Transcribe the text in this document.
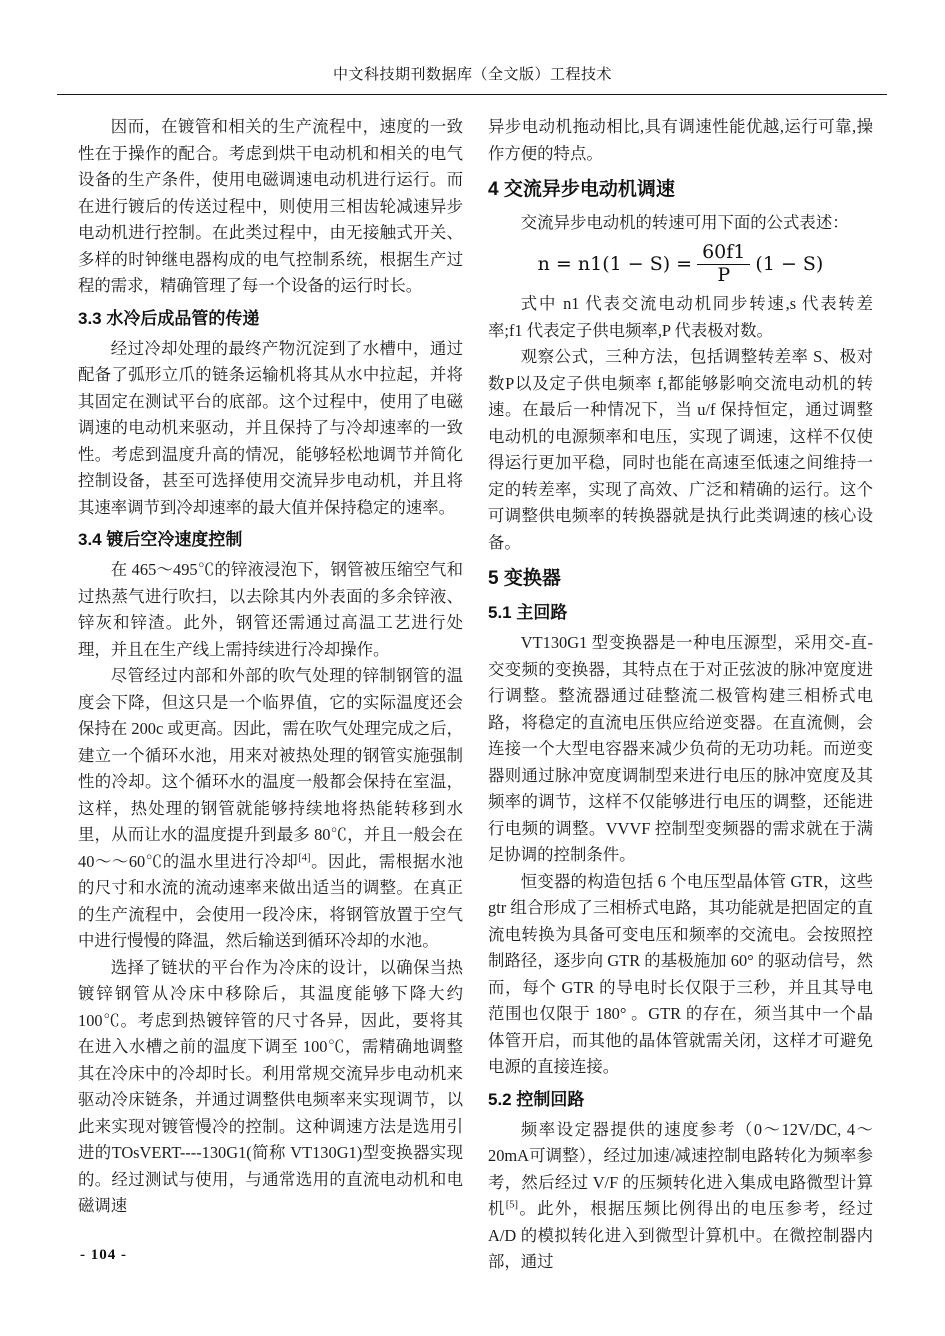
中文科技期刊数据库（全文版）工程技术

因而，在镀管和相关的生产流程中，速度的一致性在于操作的配合。考虑到烘干电动机和相关的电气设备的生产条件，使用电磁调速电动机进行运行。而在进行镀后的传送过程中，则使用三相齿轮减速异步电动机进行控制。在此类过程中，由无接触式开关、多样的时钟继电器构成的电气控制系统，根据生产过程的需求，精确管理了每一个设备的运行时长。

3.3 水冷后成品管的传递

经过冷却处理的最终产物沉淀到了水槽中，通过配备了弧形立爪的链条运输机将其从水中拉起，并将其固定在测试平台的底部。这个过程中，使用了电磁调速的电动机来驱动，并且保持了与冷却速率的一致性。考虑到温度升高的情况，能够轻松地调节并简化控制设备，甚至可选择使用交流异步电动机，并且将其速率调节到冷却速率的最大值并保持稳定的速率。

3.4 镀后空冷速度控制

在 465～495℃的锌液浸泡下，钢管被压缩空气和过热蒸气进行吹扫，以去除其内外表面的多余锌液、锌灰和锌渣。此外，钢管还需通过高温工艺进行处理，并且在生产线上需持续进行冷却操作。

尽管经过内部和外部的吹气处理的锌制钢管的温度会下降，但这只是一个临界值，它的实际温度还会保持在 200c 或更高。因此，需在吹气处理完成之后，建立一个循环水池，用来对被热处理的钢管实施强制性的冷却。这个循环水的温度一般都会保持在室温，这样，热处理的钢管就能够持续地将热能转移到水里，从而让水的温度提升到最多 80℃，并且一般会在40～～60℃的温水里进行冷却[4]。因此，需根据水池的尺寸和水流的流动速率来做出适当的调整。在真正的生产流程中，会使用一段冷床，将钢管放置于空气中进行慢慢的降温，然后输送到循环冷却的水池。

选择了链状的平台作为冷床的设计，以确保当热镀锌钢管从冷床中移除后，其温度能够下降大约 100℃。考虑到热镀锌管的尺寸各异，因此，要将其在进入水槽之前的温度下调至 100℃，需精确地调整其在冷床中的冷却时长。利用常规交流异步电动机来驱动冷床链条，并通过调整供电频率来实现调节，以此来实现对镀管慢冷的控制。这种调速方法是选用引进的TOsVERT----130G1(简称 VT130G1)型变换器实现的。经过测试与使用，与通常选用的直流电动机和电磁调速

异步电动机拖动相比,具有调速性能优越,运行可靠,操作方便的特点。

4 交流异步电动机调速

交流异步电动机的转速可用下面的公式表述：

$n = n1(1 - S) = \frac{60f1}{P} (1 - S)$

式中 n1 代表交流电动机同步转速,s 代表转差率;f1 代表定子供电频率,P 代表极对数。

观察公式，三种方法，包括调整转差率 S、极对数P以及定子供电频率 f,都能够影响交流电动机的转速。在最后一种情况下，当 u/f 保持恒定，通过调整电动机的电源频率和电压，实现了调速，这样不仅使得运行更加平稳，同时也能在高速至低速之间维持一定的转差率，实现了高效、广泛和精确的运行。这个可调整供电频率的转换器就是执行此类调速的核心设备。

5 变换器
5.1 主回路

VT130G1 型变换器是一种电压源型，采用交-直-交变频的变换器，其特点在于对正弦波的脉冲宽度进行调整。整流器通过硅整流二极管构建三相桥式电路，将稳定的直流电压供应给逆变器。在直流侧，会连接一个大型电容器来减少负荷的无功功耗。而逆变器则通过脉冲宽度调制型来进行电压的脉冲宽度及其频率的调节，这样不仅能够进行电压的调整，还能进行电频的调整。VVVF 控制型变频器的需求就在于满足协调的控制条件。

恒变器的构造包括 6 个电压型晶体管 GTR，这些gtr 组合形成了三相桥式电路，其功能就是把固定的直流电转换为具备可变电压和频率的交流电。会按照控制路径，逐步向 GTR 的基极施加 60° 的驱动信号，然而，每个 GTR 的导电时长仅限于三秒，并且其导电范围也仅限于 180° 。GTR 的存在，须当其中一个晶体管开启，而其他的晶体管就需关闭，这样才可避免电源的直接连接。

5.2 控制回路

频率设定器提供的速度参考（0～12V/DC, 4～20mA可调整），经过加速/减速控制电路转化为频率参考，然后经过 V/F 的压频转化进入集成电路微型计算机[5]。此外，根据压频比例得出的电压参考，经过 A/D 的模拟转化进入到微型计算机中。在微控制器内部，通过

- 104 -
